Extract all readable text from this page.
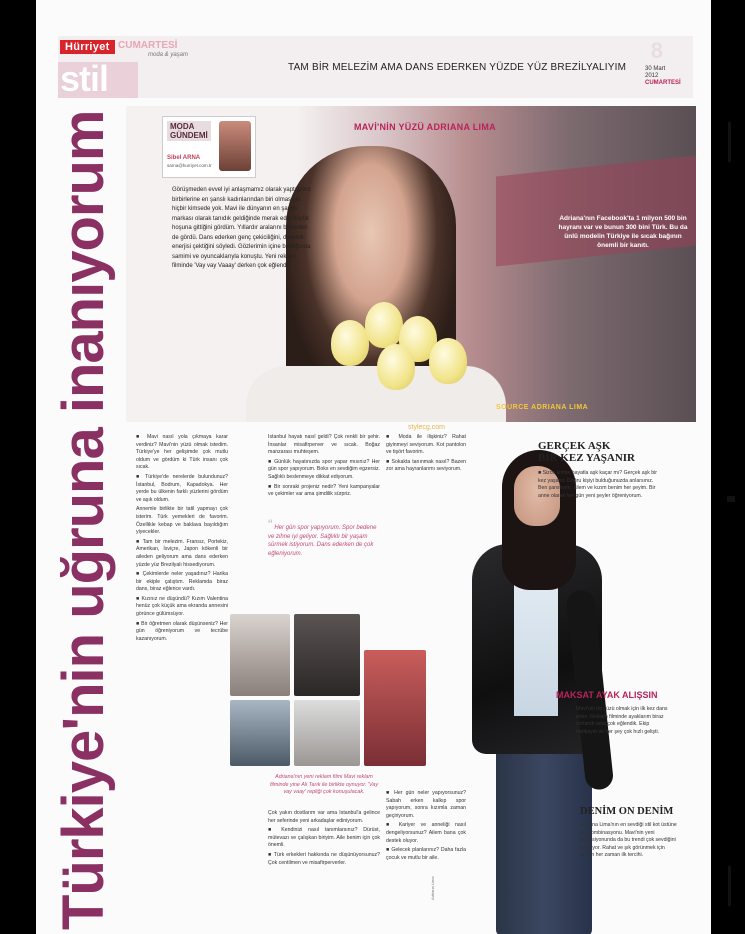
Hürriyet CUMARTESİ
moda & yaşam
stil	TAM BİR MELEZİM AMA DANS EDERKEN YÜZDE YÜZ BREZİLYALIYIM
8
30 Mart
2012
CUMARTESİ
Türkiye'nin uğruna inanıyorum	MODA
GÜNDEMİ
Sibel ARNA
sarna@hurriyet.com.tr
MAVİ'NİN YÜZÜ ADRIANA LIMA
Görüşmeden evvel iyi anlaşmamız olarak yaptığımız birbirlerine en şanslı kadınlarından biri olmasıyla hiçbir kimsede yok. Mavi ile dünyanın en şanslı markası olarak tanıdık geldiğinde merak edip büyük hoşuna gittiğini gördüm. Yıllardır aralarını bilmeden de gördü. Dans ederken genç çekiciliğini, dinamik enerjisi çektiğini söyledi. Gözlerimin içine baktığında samimi ve oyuncaklarıyla konuştu. Yeni reklam filminde 'Vay vay Vaaay' derken çok eğlendi.
Adriana'nın Facebook'ta 1 milyon 500 bin hayranı var ve bunun 300 bini Türk. Bu da ünlü modelin Türkiye ile sıcak bağının önemli bir kanıtı.
SOURCE ADRIANA LIMA

■ Mavi nasıl yola çıkmaya karar verdiniz? Mavi'nin yüzü olmak istedim. Türkiye'ye her gelişimde çok mutlu oldum ve gördüm ki Türk insanı çok sıcak.

■ Türkiye'de nerelerde bulundunuz? İstanbul, Bodrum, Kapadokya. Her yerde bu ülkenin farklı yüzlerini gördüm ve aşık oldum.

Annemle birlikte bir tatil yapmayı çok isterim. Türk yemekleri de favorim. Özellikle kebap ve baklava bayıldığım yiyecekler.

■ Tam bir melezim. Fransız, Portekiz, Amerikan, İsviçre, Japon kökenli bir aileden geliyorum ama dans ederken yüzde yüz Brezilyalı hissediyorum.

■ Çekimlerde neler yaşadınız? Harika bir ekiple çalıştım. Reklamda biraz dans, biraz eğlence vardı.

■ Kızınız ne düşündü? Kızım Valentina henüz çok küçük ama ekranda annesini görünce gülümsüyor.

■ Bir öğretmen olarak düşünseniz? Her gün öğreniyorum ve tecrübe kazanıyorum.

İstanbul hayatı nasıl geldi? Çok renkli bir şehir. İnsanlar misafirperver ve sıcak. Boğaz manzarası muhteşem.

■ Günlük hayatınızda spor yapar mısınız? Her gün spor yapıyorum. Boks en sevdiğim egzersiz. Sağlıklı beslenmeye dikkat ediyorum.

■ Bir sonraki projeniz nedir? Yeni kampanyalar ve çekimler var ama şimdilik sürpriz.

“ Her gün spor yapıyorum. Spor bedene ve zihne iyi geliyor. Sağlıklı bir yaşam sürmek istiyorum. Dans ederken de çok eğleniyorum.
Adriana'nın yeni reklam filmi Mavi reklam filminde yine Ali Tarık ile birlikte oynuyor. 'Vay vay vaay' repliği çok konuşulacak.

Çok yakın dostlarım var ama İstanbul'a gelince her seferinde yeni arkadaşlar ediniyorum.

■ Kendinizi nasıl tanımlarsınız? Dürüst, mütevazı ve çalışkan biriyim. Aile benim için çok önemli.

■ Türk erkekleri hakkında ne düşünüyorsunuz? Çok centilmen ve misafirperverler.

■ Moda ile ilişkiniz? Rahat giyinmeyi seviyorum. Kot pantolon ve tişört favorim.

■ Sokakta tanınmak nasıl? Bazen zor ama hayranlarımı seviyorum.

■ Her gün neler yapıyorsunuz? Sabah erken kalkıp spor yapıyorum, sonra kızımla zaman geçiriyorum.

■ Kariyer ve anneliği nasıl dengeliyorsunuz? Ailem bana çok destek oluyor.

■ Gelecek planlarınız? Daha fazla çocuk ve mutlu bir aile.

stylecg.com
GERÇEK AŞK
BİR KEZ YAŞANIR
■ Sizce kimse hayatla aşk kaçar mı? Gerçek aşk bir kez yaşanır. Doğru kişiyi bulduğunuzda anlarsınız. Ben şanslıyım, ailem ve kızım benim her şeyim. Bir anne olarak her gün yeni şeyler öğreniyorum.
MAKSAT AYAK ALIŞSIN
Mavi'nin bir yüzü olmak için ilk kez dans ettim. Reklam filminde ayaklarım biraz zorlandı ama çok eğlendik. Ekip harikaydı ve her şey çok hızlı gelişti.
DENİM ON DENİM
Adriana Lima'nın en sevdiği stil kot üstüne kot kombinasyonu. Mavi'nin yeni koleksiyonunda da bu trendi çok sevdiğini belirtiyor. Rahat ve şık görünmek için denim her zaman ilk tercihi.
Adriana Lima
